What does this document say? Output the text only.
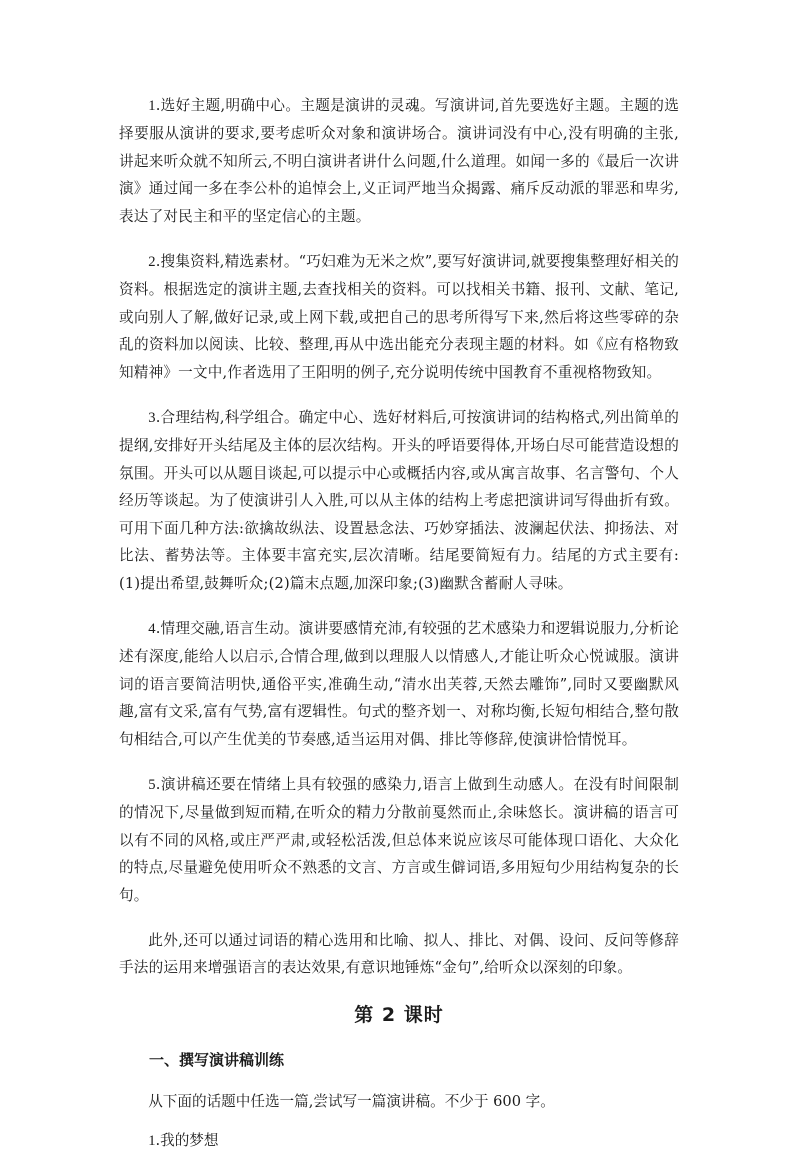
1.选好主题,明确中心。主题是演讲的灵魂。写演讲词,首先要选好主题。主题的选择要服从演讲的要求,要考虑听众对象和演讲场合。演讲词没有中心,没有明确的主张,讲起来听众就不知所云,不明白演讲者讲什么问题,什么道理。如闻一多的《最后一次讲演》通过闻一多在李公朴的追悼会上,义正词严地当众揭露、痛斥反动派的罪恶和卑劣,表达了对民主和平的坚定信心的主题。

2.搜集资料,精选素材。“巧妇难为无米之炊”,要写好演讲词,就要搜集整理好相关的资料。根据选定的演讲主题,去查找相关的资料。可以找相关书籍、报刊、文献、笔记,或向别人了解,做好记录,或上网下载,或把自己的思考所得写下来,然后将这些零碎的杂乱的资料加以阅读、比较、整理,再从中选出能充分表现主题的材料。如《应有格物致知精神》一文中,作者选用了王阳明的例子,充分说明传统中国教育不重视格物致知。

3.合理结构,科学组合。确定中心、选好材料后,可按演讲词的结构格式,列出简单的提纲,安排好开头结尾及主体的层次结构。开头的呼语要得体,开场白尽可能营造设想的氛围。开头可以从题目谈起,可以提示中心或概括内容,或从寓言故事、名言警句、个人经历等谈起。为了使演讲引人入胜,可以从主体的结构上考虑把演讲词写得曲折有致。可用下面几种方法:欲擒故纵法、设置悬念法、巧妙穿插法、波澜起伏法、抑扬法、对比法、蓄势法等。主体要丰富充实,层次清晰。结尾要简短有力。结尾的方式主要有:(1)提出希望,鼓舞听众;(2)篇末点题,加深印象;(3)幽默含蓄耐人寻味。

4.情理交融,语言生动。演讲要感情充沛,有较强的艺术感染力和逻辑说服力,分析论述有深度,能给人以启示,合情合理,做到以理服人以情感人,才能让听众心悦诚服。演讲词的语言要简洁明快,通俗平实,准确生动,“清水出芙蓉,天然去雕饰”,同时又要幽默风趣,富有文采,富有气势,富有逻辑性。句式的整齐划一、对称均衡,长短句相结合,整句散句相结合,可以产生优美的节奏感,适当运用对偶、排比等修辞,使演讲恰情悦耳。

5.演讲稿还要在情绪上具有较强的感染力,语言上做到生动感人。在没有时间限制的情况下,尽量做到短而精,在听众的精力分散前戛然而止,余味悠长。演讲稿的语言可以有不同的风格,或庄严严肃,或轻松活泼,但总体来说应该尽可能体现口语化、大众化的特点,尽量避免使用听众不熟悉的文言、方言或生僻词语,多用短句少用结构复杂的长句。

此外,还可以通过词语的精心选用和比喻、拟人、排比、对偶、设问、反问等修辞手法的运用来增强语言的表达效果,有意识地锤炼“金句”,给听众以深刻的印象。

第 2 课时
一、撰写演讲稿训练

从下面的话题中任选一篇,尝试写一篇演讲稿。不少于 600 字。

1.我的梦想
